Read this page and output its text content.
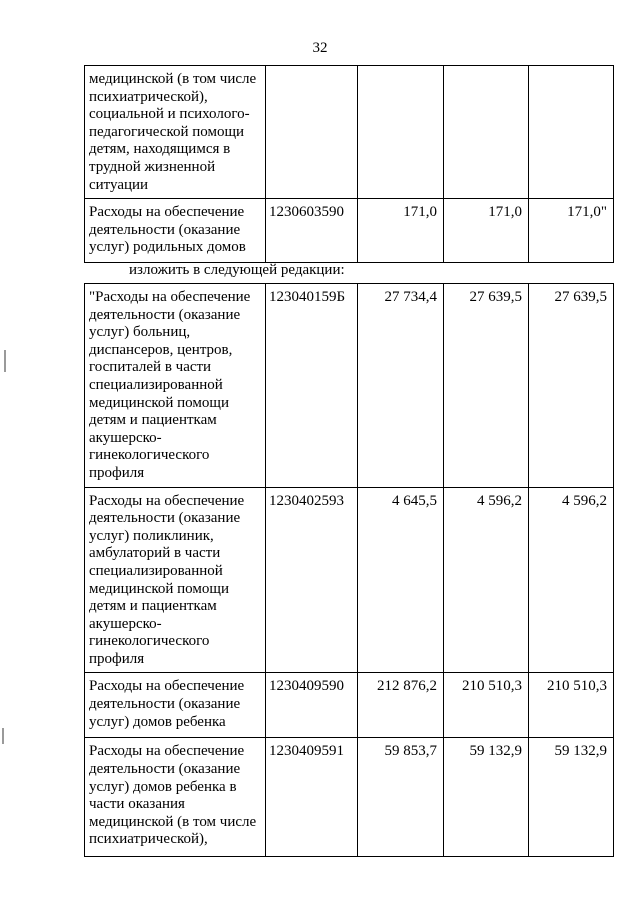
32
медицинской (в том числе психиатрической), социальной и психолого-педагогической помощи детям, находящимся в трудной жизненной ситуации				
Расходы на обеспечение деятельности (оказание услуг) родильных домов	1230603590	171,0	171,0	171,0"
изложить в следующей редакции:
"Расходы на обеспечение деятельности (оказание услуг) больниц, диспансеров, центров, госпиталей в части специализированной медицинской помощи детям и пациенткам акушерско-гинекологического профиля	123040159Б	27 734,4	27 639,5	27 639,5
Расходы на обеспечение деятельности (оказание услуг) поликлиник, амбулаторий в части специализированной медицинской помощи детям и пациенткам акушерско-гинекологического профиля	1230402593	4 645,5	4 596,2	4 596,2
Расходы на обеспечение деятельности (оказание услуг) домов ребенка	1230409590	212 876,2	210 510,3	210 510,3
Расходы на обеспечение деятельности (оказание услуг) домов ребенка в части оказания медицинской (в том числе психиатрической),	1230409591	59 853,7	59 132,9	59 132,9
